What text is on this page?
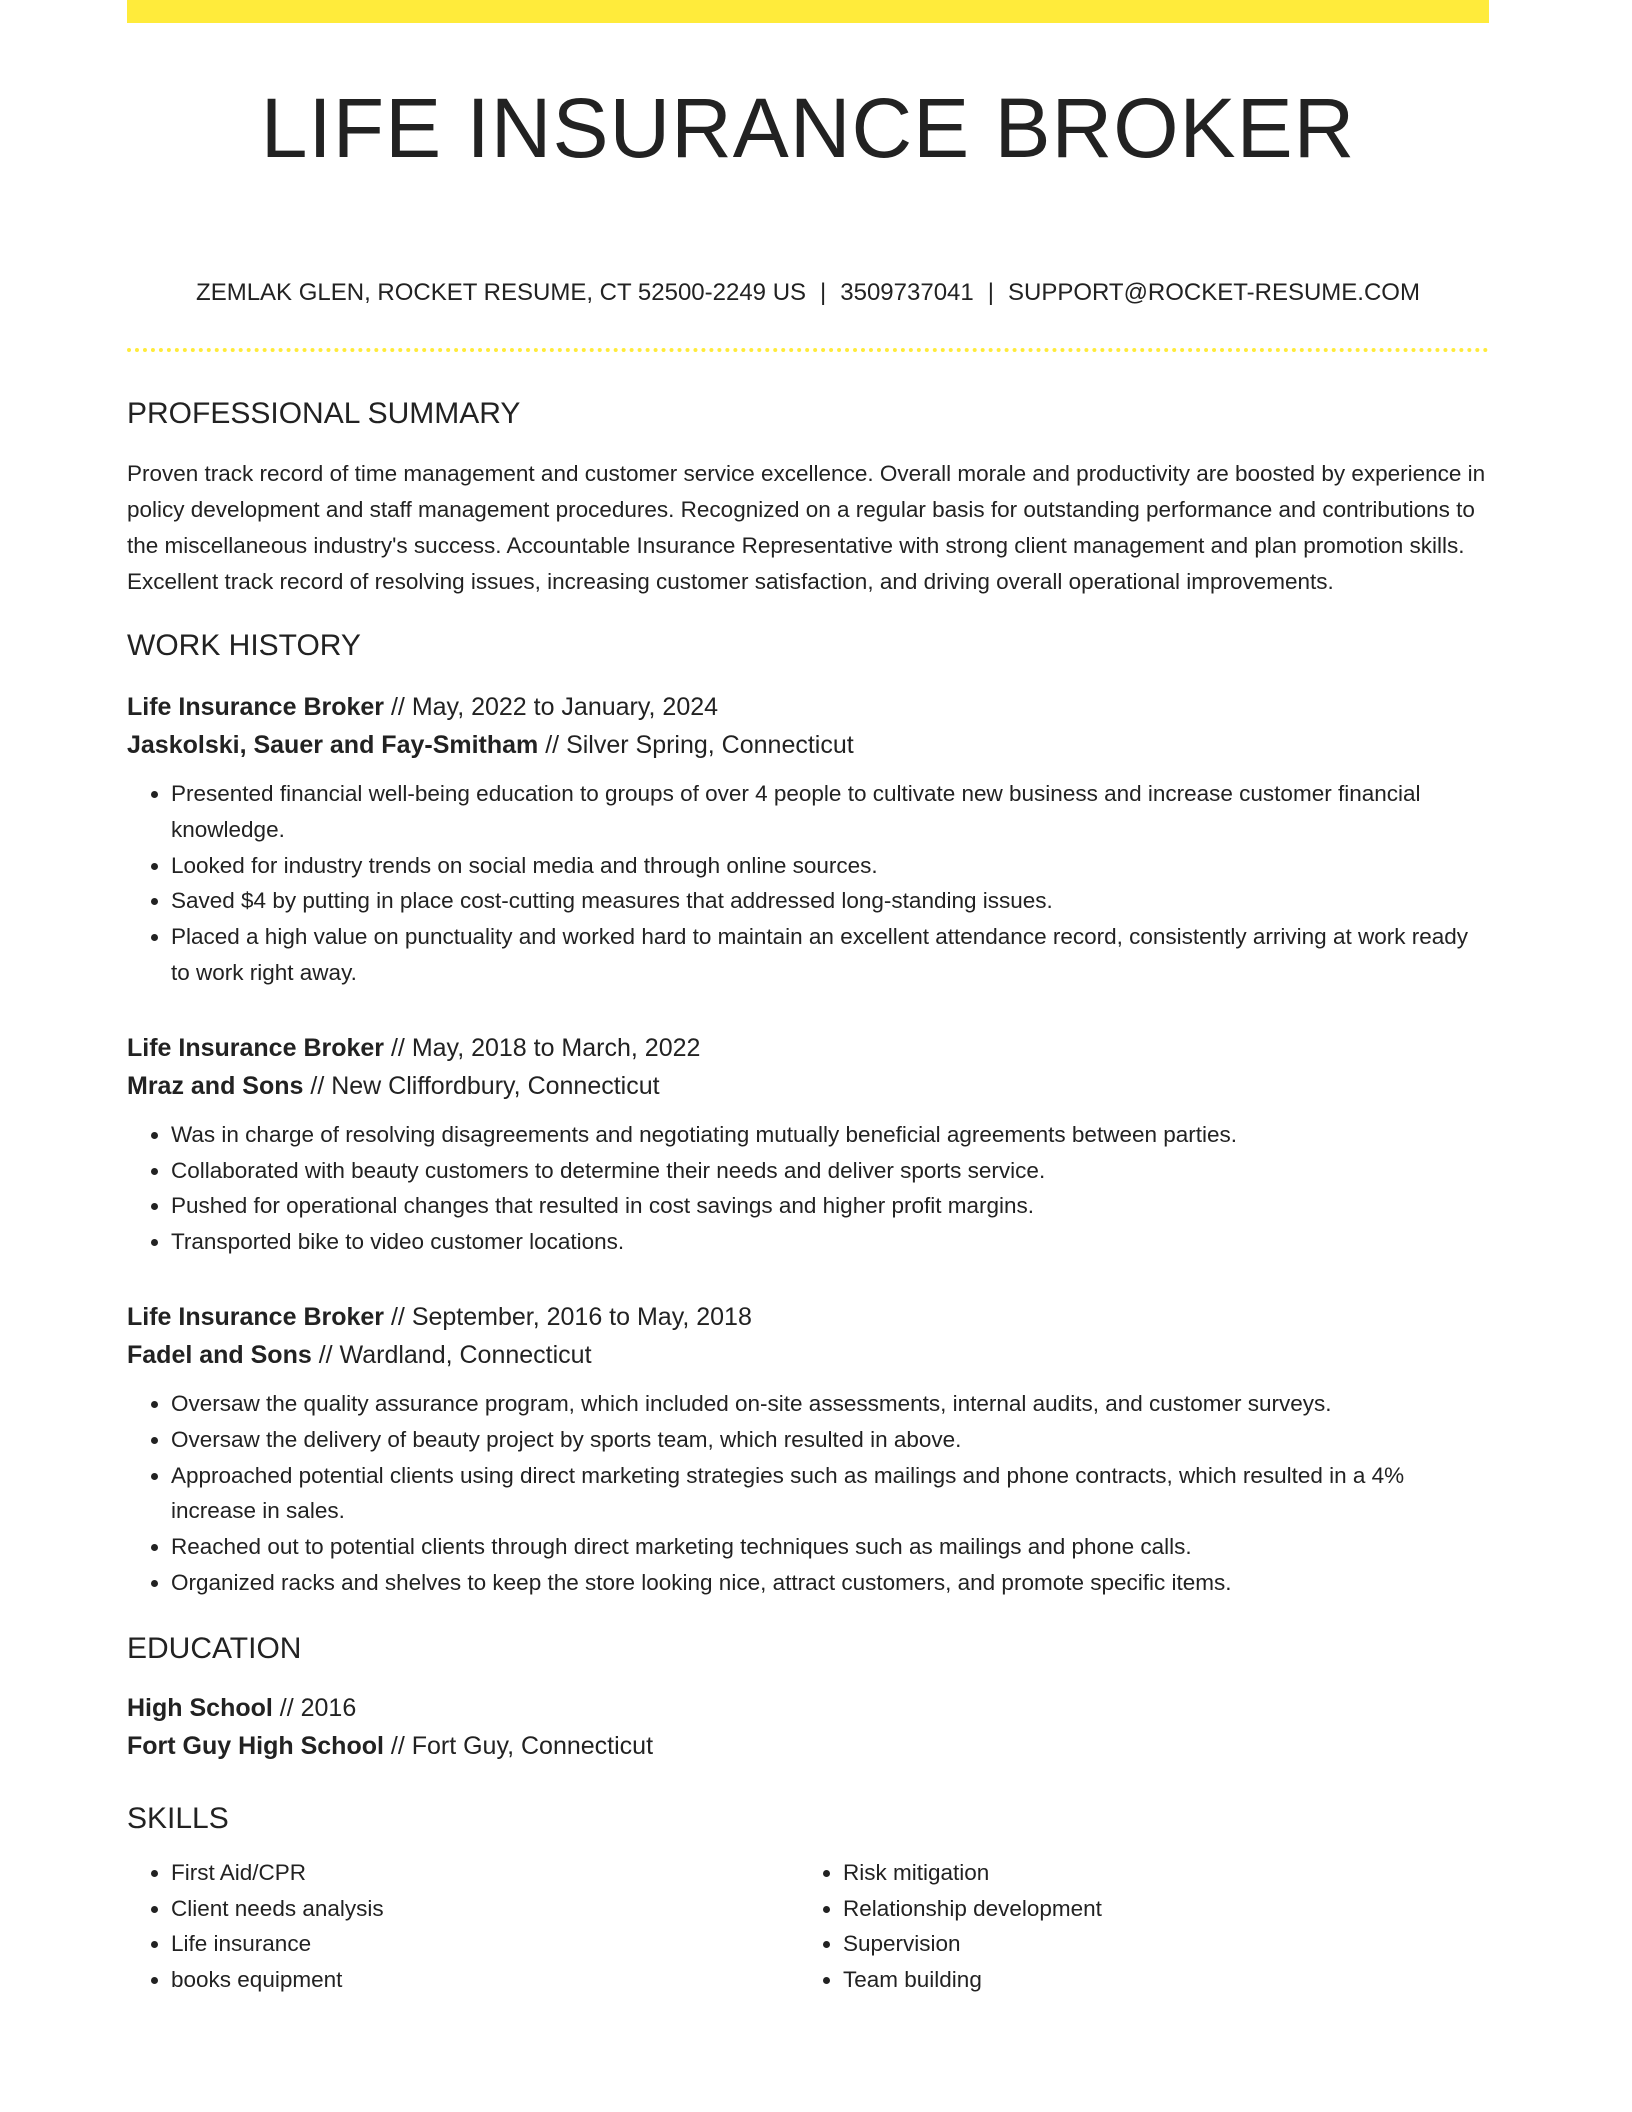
LIFE INSURANCE BROKER
ZEMLAK GLEN, ROCKET RESUME, CT 52500-2249 US | 3509737041 | SUPPORT@ROCKET-RESUME.COM
PROFESSIONAL SUMMARY

Proven track record of time management and customer service excellence. Overall morale and productivity are boosted by experience in policy development and staff management procedures. Recognized on a regular basis for outstanding performance and contributions to the miscellaneous industry's success. Accountable Insurance Representative with strong client management and plan promotion skills. Excellent track record of resolving issues, increasing customer satisfaction, and driving overall operational improvements.

WORK HISTORY
Life Insurance Broker // May, 2022 to January, 2024
Jaskolski, Sauer and Fay-Smitham // Silver Spring, Connecticut
• Presented financial well-being education to groups of over 4 people to cultivate new business and increase customer financial knowledge.
• Looked for industry trends on social media and through online sources.
• Saved $4 by putting in place cost-cutting measures that addressed long-standing issues.
• Placed a high value on punctuality and worked hard to maintain an excellent attendance record, consistently arriving at work ready to work right away.
Life Insurance Broker // May, 2018 to March, 2022
Mraz and Sons // New Cliffordbury, Connecticut
• Was in charge of resolving disagreements and negotiating mutually beneficial agreements between parties.
• Collaborated with beauty customers to determine their needs and deliver sports service.
• Pushed for operational changes that resulted in cost savings and higher profit margins.
• Transported bike to video customer locations.
Life Insurance Broker // September, 2016 to May, 2018
Fadel and Sons // Wardland, Connecticut
• Oversaw the quality assurance program, which included on-site assessments, internal audits, and customer surveys.
• Oversaw the delivery of beauty project by sports team, which resulted in above.
• Approached potential clients using direct marketing strategies such as mailings and phone contracts, which resulted in a 4% increase in sales.
• Reached out to potential clients through direct marketing techniques such as mailings and phone calls.
• Organized racks and shelves to keep the store looking nice, attract customers, and promote specific items.
EDUCATION
High School // 2016
Fort Guy High School // Fort Guy, Connecticut
SKILLS
• First Aid/CPR
• Client needs analysis
• Life insurance
• books equipment
• Risk mitigation
• Relationship development
• Supervision
• Team building
